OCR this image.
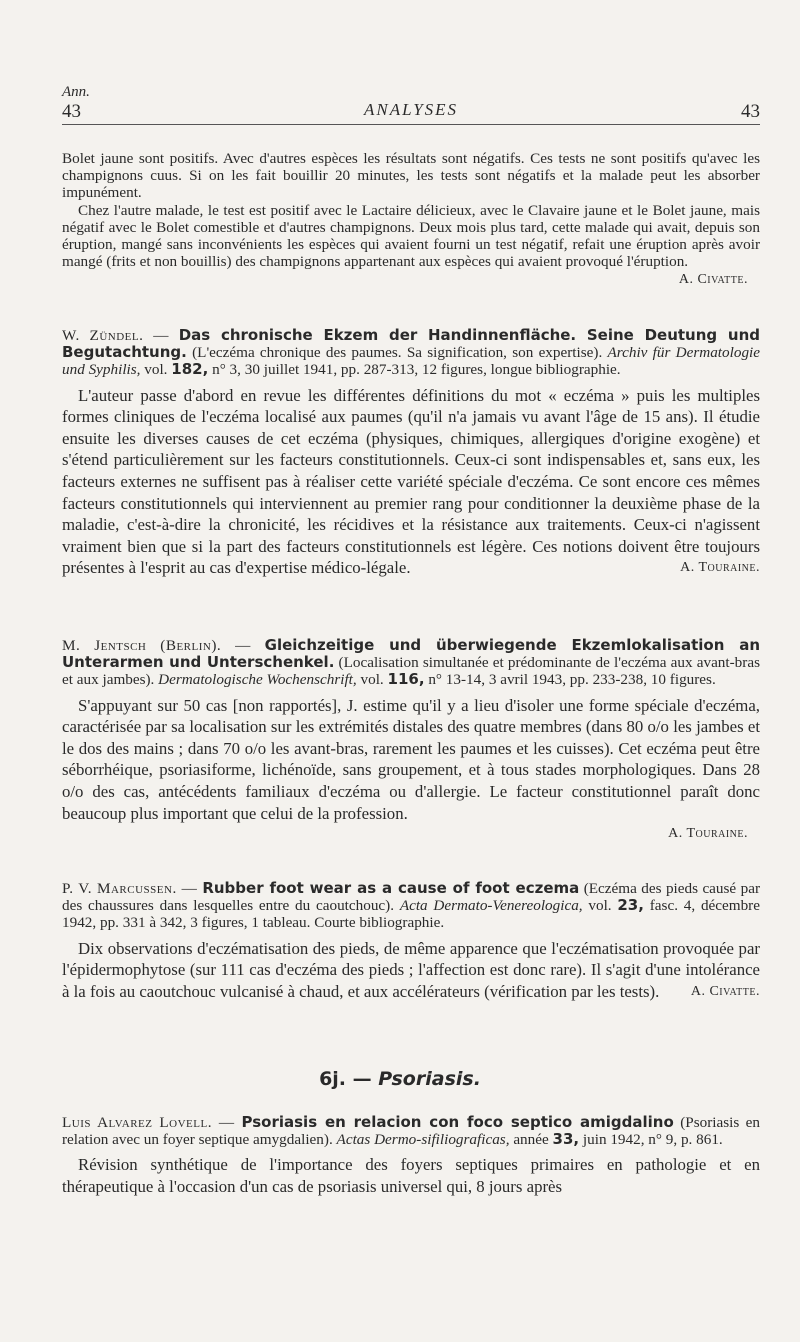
Ann.
43	ANALYSES	43

Bolet jaune sont positifs. Avec d'autres espèces les résultats sont négatifs. Ces tests ne sont positifs qu'avec les champignons cuus. Si on les fait bouillir 20 minutes, les tests sont négatifs et la malade peut les absorber impunément.

Chez l'autre malade, le test est positif avec le Lactaire délicieux, avec le Clavaire jaune et le Bolet jaune, mais négatif avec le Bolet comestible et d'autres champignons. Deux mois plus tard, cette malade qui avait, depuis son éruption, mangé sans inconvénients les espèces qui avaient fourni un test négatif, refait une éruption après avoir mangé (frits et non bouillis) des champignons appartenant aux espèces qui avaient provoqué l'éruption.

A. Civatte.

W. Zündel. — Das chronische Ekzem der Handinnenfläche. Seine Deutung und Begutachtung. (L'eczéma chronique des paumes. Sa signification, son expertise). Archiv für Dermatologie und Syphilis, vol. 182, n° 3, 30 juillet 1941, pp. 287-313, 12 figures, longue bibliographie.

L'auteur passe d'abord en revue les différentes définitions du mot « eczéma » puis les multiples formes cliniques de l'eczéma localisé aux paumes (qu'il n'a jamais vu avant l'âge de 15 ans). Il étudie ensuite les diverses causes de cet eczéma (physiques, chimiques, allergiques d'origine exogène) et s'étend particulièrement sur les facteurs constitutionnels. Ceux-ci sont indispensables et, sans eux, les facteurs externes ne suffisent pas à réaliser cette variété spéciale d'eczéma. Ce sont encore ces mêmes facteurs constitutionnels qui interviennent au premier rang pour conditionner la deuxième phase de la maladie, c'est-à-dire la chronicité, les récidives et la résistance aux traitements. Ceux-ci n'agissent vraiment bien que si la part des facteurs constitutionnels est légère. Ces notions doivent être toujours présentes à l'esprit au cas d'expertise médico-légale.	A. Touraine.

M. Jentsch (Berlin). — Gleichzeitige und überwiegende Ekzemlokalisation an Unterarmen und Unterschenkel. (Localisation simultanée et prédominante de l'eczéma aux avant-bras et aux jambes). Dermatologische Wochenschrift, vol. 116, n° 13-14, 3 avril 1943, pp. 233-238, 10 figures.

S'appuyant sur 50 cas [non rapportés], J. estime qu'il y a lieu d'isoler une forme spéciale d'eczéma, caractérisée par sa localisation sur les extrémités distales des quatre membres (dans 80 o/o les jambes et le dos des mains ; dans 70 o/o les avant-bras, rarement les paumes et les cuisses). Cet eczéma peut être séborrhéique, psoriasiforme, lichénoïde, sans groupement, et à tous stades morphologiques. Dans 28 o/o des cas, antécédents familiaux d'eczéma ou d'allergie. Le facteur constitutionnel paraît donc beaucoup plus important que celui de la profession.

A. Touraine.

P. V. Marcussen. — Rubber foot wear as a cause of foot eczema (Eczéma des pieds causé par des chaussures dans lesquelles entre du caoutchouc). Acta Dermato-Venereologica, vol. 23, fasc. 4, décembre 1942, pp. 331 à 342, 3 figures, 1 tableau. Courte bibliographie.

Dix observations d'eczématisation des pieds, de même apparence que l'eczématisation provoquée par l'épidermophytose (sur 111 cas d'eczéma des pieds ; l'affection est donc rare). Il s'agit d'une intolérance à la fois au caoutchouc vulcanisé à chaud, et aux accélérateurs (vérification par les tests).	A. Civatte.

6j. — Psoriasis.

Luis Alvarez Lovell. — Psoriasis en relacion con foco septico amigdalino (Psoriasis en relation avec un foyer septique amygdalien). Actas Dermo-sifiliograficas, année 33, juin 1942, n° 9, p. 861.

Révision synthétique de l'importance des foyers septiques primaires en pathologie et en thérapeutique à l'occasion d'un cas de psoriasis universel qui, 8 jours après
